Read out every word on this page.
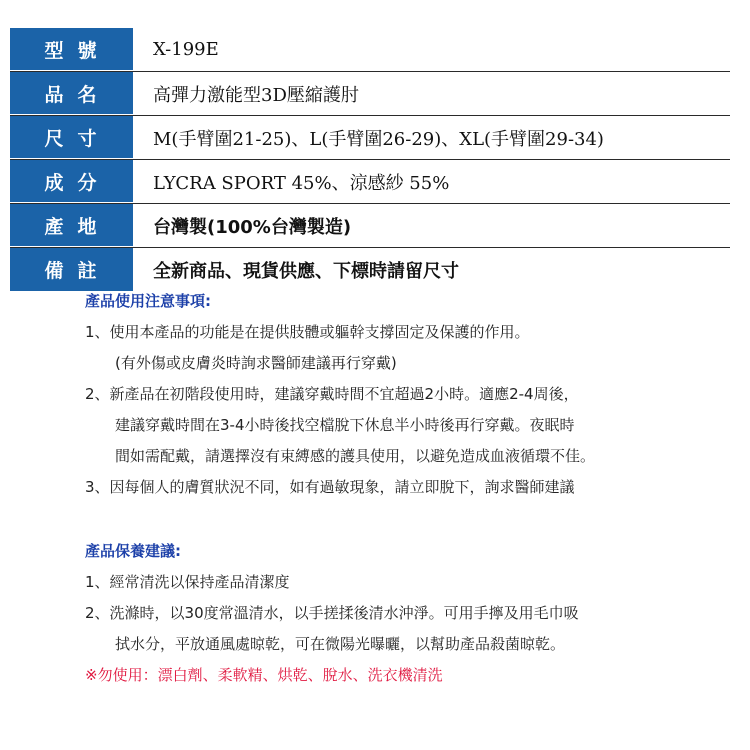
型號	X-199E
品名	高彈力激能型3D壓縮護肘
尺寸	M(手臂圍21-25)、L(手臂圍26-29)、XL(手臂圍29-34)
成分	LYCRA SPORT 45%、涼感紗 55%
產地	台灣製(100%台灣製造)
備註	全新商品、現貨供應、下標時請留尺寸
產品使用注意事項:
1、使用本產品的功能是在提供肢體或軀幹支撐固定及保護的作用。
(有外傷或皮膚炎時詢求醫師建議再行穿戴)
2、新產品在初階段使用時，建議穿戴時間不宜超過2小時。適應2-4周後，
建議穿戴時間在3-4小時後找空檔脫下休息半小時後再行穿戴。夜眠時
間如需配戴，請選擇沒有束縛感的護具使用，以避免造成血液循環不佳。
3、因每個人的膚質狀況不同，如有過敏現象，請立即脫下，詢求醫師建議
產品保養建議:
1、經常清洗以保持產品清潔度
2、洗滌時，以30度常溫清水，以手搓揉後清水沖淨。可用手擰及用毛巾吸
拭水分，平放通風處晾乾，可在微陽光曝曬，以幫助產品殺菌晾乾。
※勿使用：漂白劑、柔軟精、烘乾、脫水、洗衣機清洗
